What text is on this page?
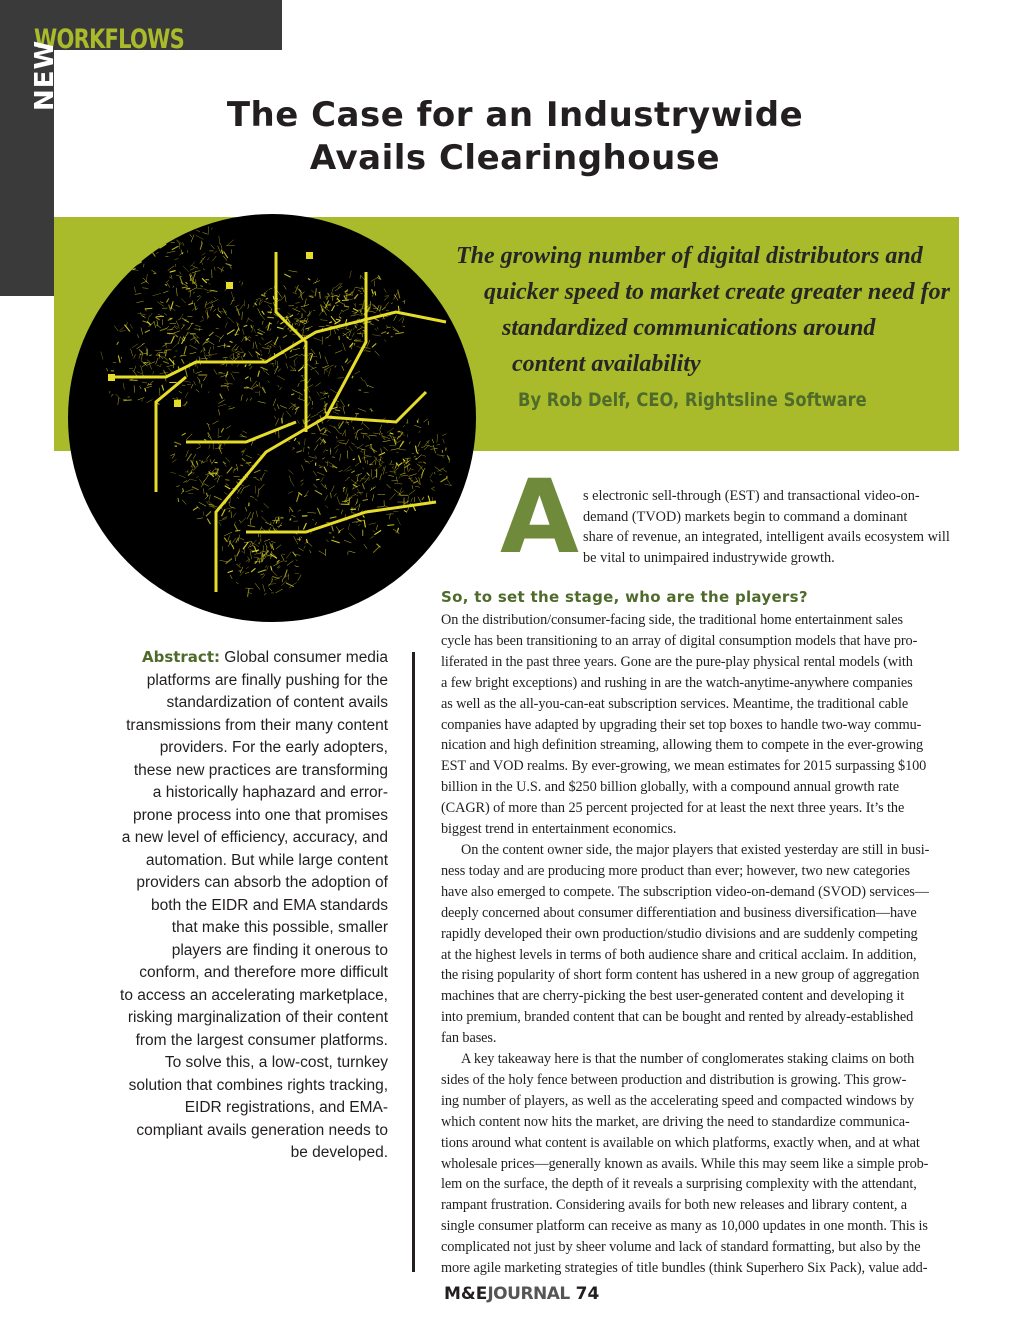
WORKFLOWS
NEW
The Case for an Industrywide
Avails Clearinghouse
The growing number of digital distributors and
quicker speed to market create greater need for
standardized communications around
content availability
By Rob Delf, CEO, Rightsline Software
A s electronic sell-through (EST) and transactional video-on-
demand (TVOD) markets begin to command a dominant
share of revenue, an integrated, intelligent avails ecosystem will
be vital to unimpaired industrywide growth.
So, to set the stage, who are the players?
On the distribution/consumer-facing side, the traditional home entertainment sales
cycle has been transitioning to an array of digital consumption models that have pro-
liferated in the past three years. Gone are the pure-play physical rental models (with
a few bright exceptions) and rushing in are the watch-anytime-anywhere companies
as well as the all-you-can-eat subscription services. Meantime, the traditional cable
companies have adapted by upgrading their set top boxes to handle two-way commu-
nication and high definition streaming, allowing them to compete in the ever-growing
EST and VOD realms. By ever-growing, we mean estimates for 2015 surpassing $100
billion in the U.S. and $250 billion globally, with a compound annual growth rate
(CAGR) of more than 25 percent projected for at least the next three years. It’s the
biggest trend in entertainment economics.
On the content owner side, the major players that existed yesterday are still in busi-
ness today and are producing more product than ever; however, two new categories
have also emerged to compete. The subscription video-on-demand (SVOD) services—
deeply concerned about consumer differentiation and business diversification—have
rapidly developed their own production/studio divisions and are suddenly competing
at the highest levels in terms of both audience share and critical acclaim. In addition,
the rising popularity of short form content has ushered in a new group of aggregation
machines that are cherry-picking the best user-generated content and developing it
into premium, branded content that can be bought and rented by already-established
fan bases.
A key takeaway here is that the number of conglomerates staking claims on both
sides of the holy fence between production and distribution is growing. This grow-
ing number of players, as well as the accelerating speed and compacted windows by
which content now hits the market, are driving the need to standardize communica-
tions around what content is available on which platforms, exactly when, and at what
wholesale prices—generally known as avails. While this may seem like a simple prob-
lem on the surface, the depth of it reveals a surprising complexity with the attendant,
rampant frustration. Considering avails for both new releases and library content, a
single consumer platform can receive as many as 10,000 updates in one month. This is
complicated not just by sheer volume and lack of standard formatting, but also by the
more agile marketing strategies of title bundles (think Superhero Six Pack), value add-
Abstract: Global consumer media
platforms are finally pushing for the
standardization of content avails
transmissions from their many content
providers. For the early adopters,
these new practices are transforming
a historically haphazard and error-
prone process into one that promises
a new level of efficiency, accuracy, and
automation. But while large content
providers can absorb the adoption of
both the EIDR and EMA standards
that make this possible, smaller
players are finding it onerous to
conform, and therefore more difficult
to access an accelerating marketplace,
risking marginalization of their content
from the largest consumer platforms.
To solve this, a low-cost, turnkey
solution that combines rights tracking,
EIDR registrations, and EMA-
compliant avails generation needs to
be developed.
M&EJOURNAL 74
